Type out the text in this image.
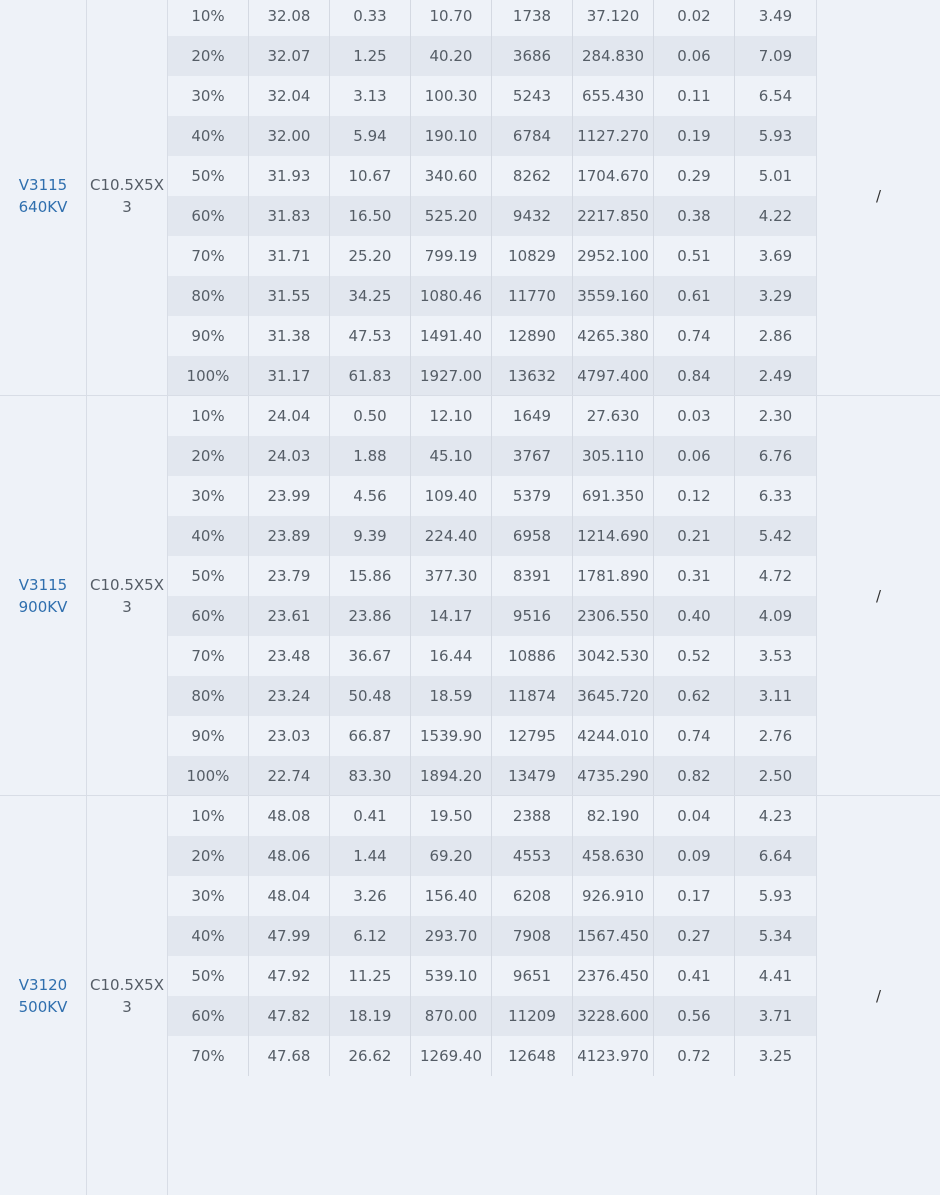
V3115
640KV
C10.5X5X3
10%	32.08	0.33	10.70	1738	37.120	0.02	3.49
20%	32.07	1.25	40.20	3686	284.830	0.06	7.09
30%	32.04	3.13	100.30	5243	655.430	0.11	6.54
40%	32.00	5.94	190.10	6784	1127.270	0.19	5.93
50%	31.93	10.67	340.60	8262	1704.670	0.29	5.01
60%	31.83	16.50	525.20	9432	2217.850	0.38	4.22
70%	31.71	25.20	799.19	10829	2952.100	0.51	3.69
80%	31.55	34.25	1080.46	11770	3559.160	0.61	3.29
90%	31.38	47.53	1491.40	12890	4265.380	0.74	2.86
100%	31.17	61.83	1927.00	13632	4797.400	0.84	2.49
/
V3115
900KV
C10.5X5X3
10%	24.04	0.50	12.10	1649	27.630	0.03	2.30
20%	24.03	1.88	45.10	3767	305.110	0.06	6.76
30%	23.99	4.56	109.40	5379	691.350	0.12	6.33
40%	23.89	9.39	224.40	6958	1214.690	0.21	5.42
50%	23.79	15.86	377.30	8391	1781.890	0.31	4.72
60%	23.61	23.86	14.17	9516	2306.550	0.40	4.09
70%	23.48	36.67	16.44	10886	3042.530	0.52	3.53
80%	23.24	50.48	18.59	11874	3645.720	0.62	3.11
90%	23.03	66.87	1539.90	12795	4244.010	0.74	2.76
100%	22.74	83.30	1894.20	13479	4735.290	0.82	2.50
/
V3120
500KV
C10.5X5X3
10%	48.08	0.41	19.50	2388	82.190	0.04	4.23
20%	48.06	1.44	69.20	4553	458.630	0.09	6.64
30%	48.04	3.26	156.40	6208	926.910	0.17	5.93
40%	47.99	6.12	293.70	7908	1567.450	0.27	5.34
50%	47.92	11.25	539.10	9651	2376.450	0.41	4.41
60%	47.82	18.19	870.00	11209	3228.600	0.56	3.71
70%	47.68	26.62	1269.40	12648	4123.970	0.72	3.25
/
